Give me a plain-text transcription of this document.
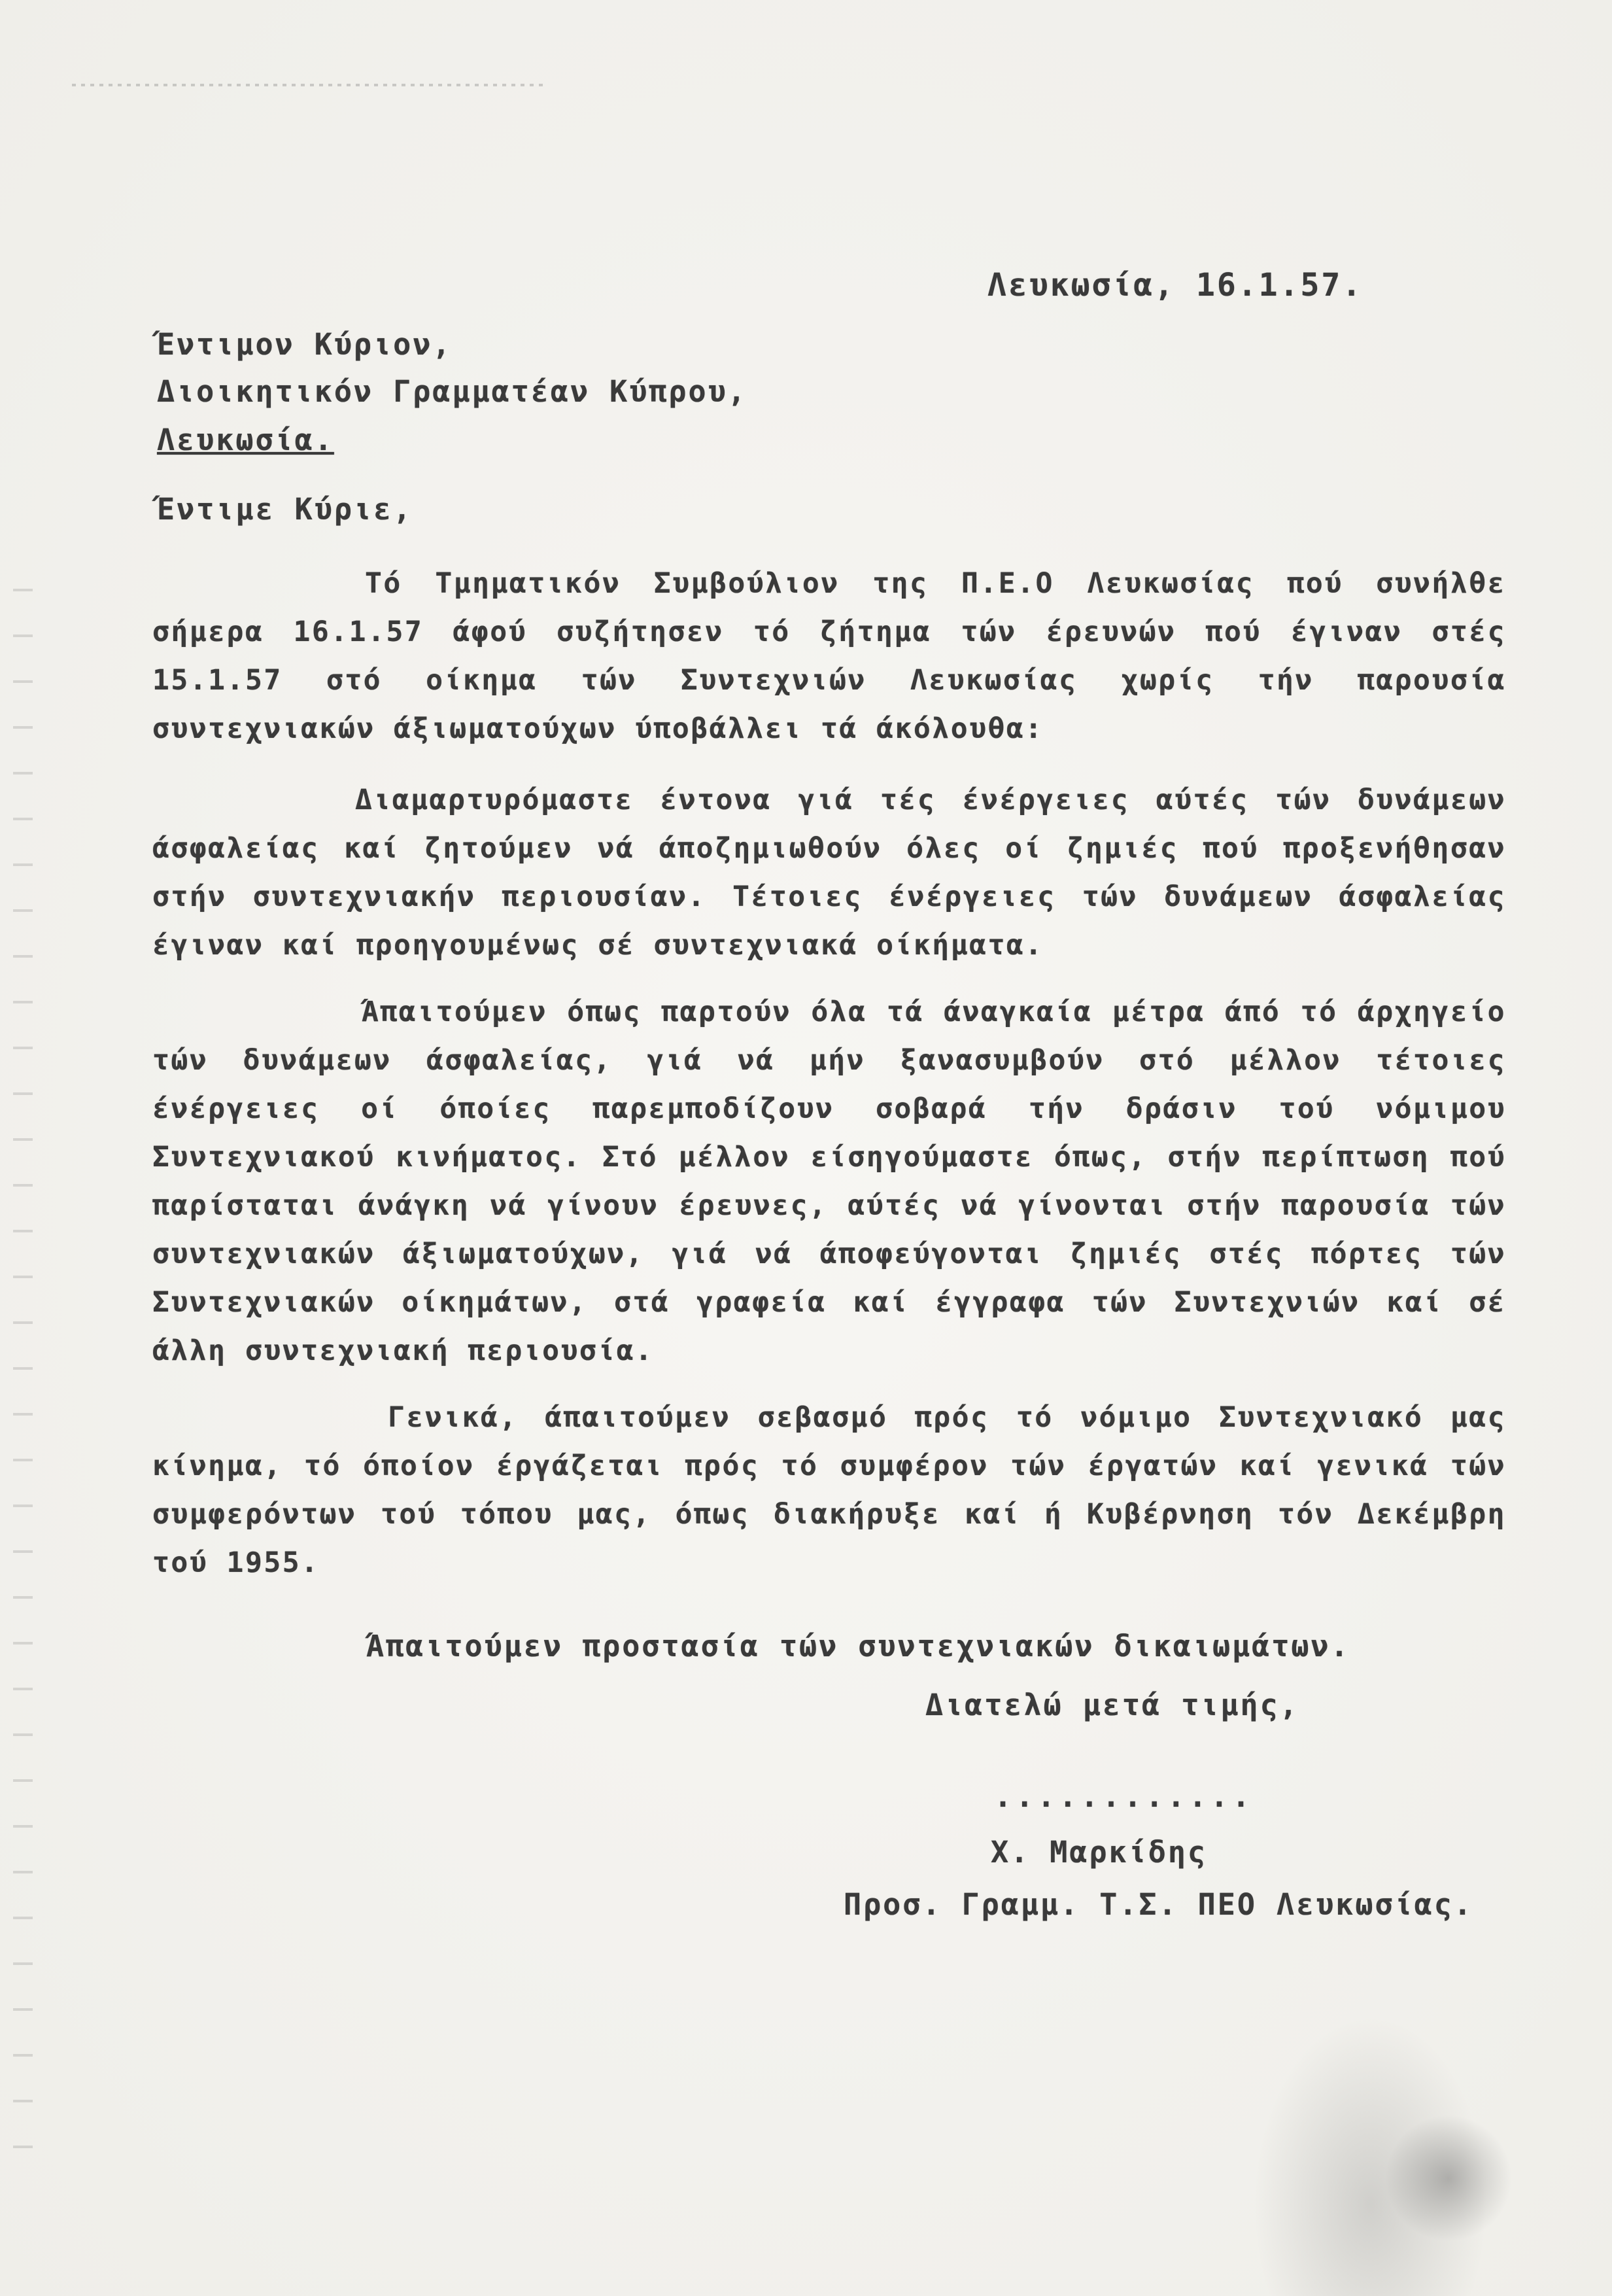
Λευκωσία, 16.1.57.
Έντιμον Κύριον,
Διοικητικόν Γραμματέαν Κύπρου,
Λευκωσία.
Έντιμε Κύριε,
Τό Τμηματικόν Συμβούλιον της Π.Ε.Ο Λευκωσίας πού συνήλθε σήμερα 16.1.57 άφού συζήτησεν τό ζήτημα τών έρευνών πού έγιναν στές 15.1.57 στό οίκημα τών Συντεχνιών Λευκωσίας χωρίς τήν παρουσία συντεχνιακών άξιωματούχων ύποβάλλει τά άκόλουθα:
Διαμαρτυρόμαστε έντονα γιά τές ένέργειες αύτές τών δυνάμεων άσφαλείας καί ζητούμεν νά άποζημιωθούν όλες οί ζημιές πού προξενήθησαν στήν συντεχνιακήν περιουσίαν. Τέτοιες ένέργειες τών δυνάμεων άσφαλείας έγιναν καί προηγουμένως σέ συντεχνιακά οίκήματα.
Άπαιτούμεν όπως παρτούν όλα τά άναγκαία μέτρα άπό τό άρχηγείο τών δυνάμεων άσφαλείας, γιά νά μήν ξανασυμβούν στό μέλλον τέτοιες ένέργειες οί όποίες παρεμποδίζουν σοβαρά τήν δράσιν τού νόμιμου Συντεχνιακού κινήματος. Στό μέλλον είσηγούμαστε όπως, στήν περίπτωση πού παρίσταται άνάγκη νά γίνουν έρευνες, αύτές νά γίνονται στήν παρουσία τών συντεχνιακών άξιωματούχων, γιά νά άποφεύγονται ζημιές στές πόρτες τών Συντεχνιακών οίκημάτων, στά γραφεία καί έγγραφα τών Συντεχνιών καί σέ άλλη συντεχνιακή περιουσία.
Γενικά, άπαιτούμεν σεβασμό πρός τό νόμιμο Συντεχνιακό μας κίνημα, τό όποίον έργάζεται πρός τό συμφέρον τών έργατών καί γενικά τών συμφερόντων τού τόπου μας, όπως διακήρυξε καί ή Κυβέρνηση τόν Δεκέμβρη τού 1955.
Άπαιτούμεν προστασία τών συντεχνιακών δικαιωμάτων.
Διατελώ μετά τιμής,
............
Χ. Μαρκίδης
Προσ. Γραμμ. Τ.Σ. ΠΕΟ Λευκωσίας.
